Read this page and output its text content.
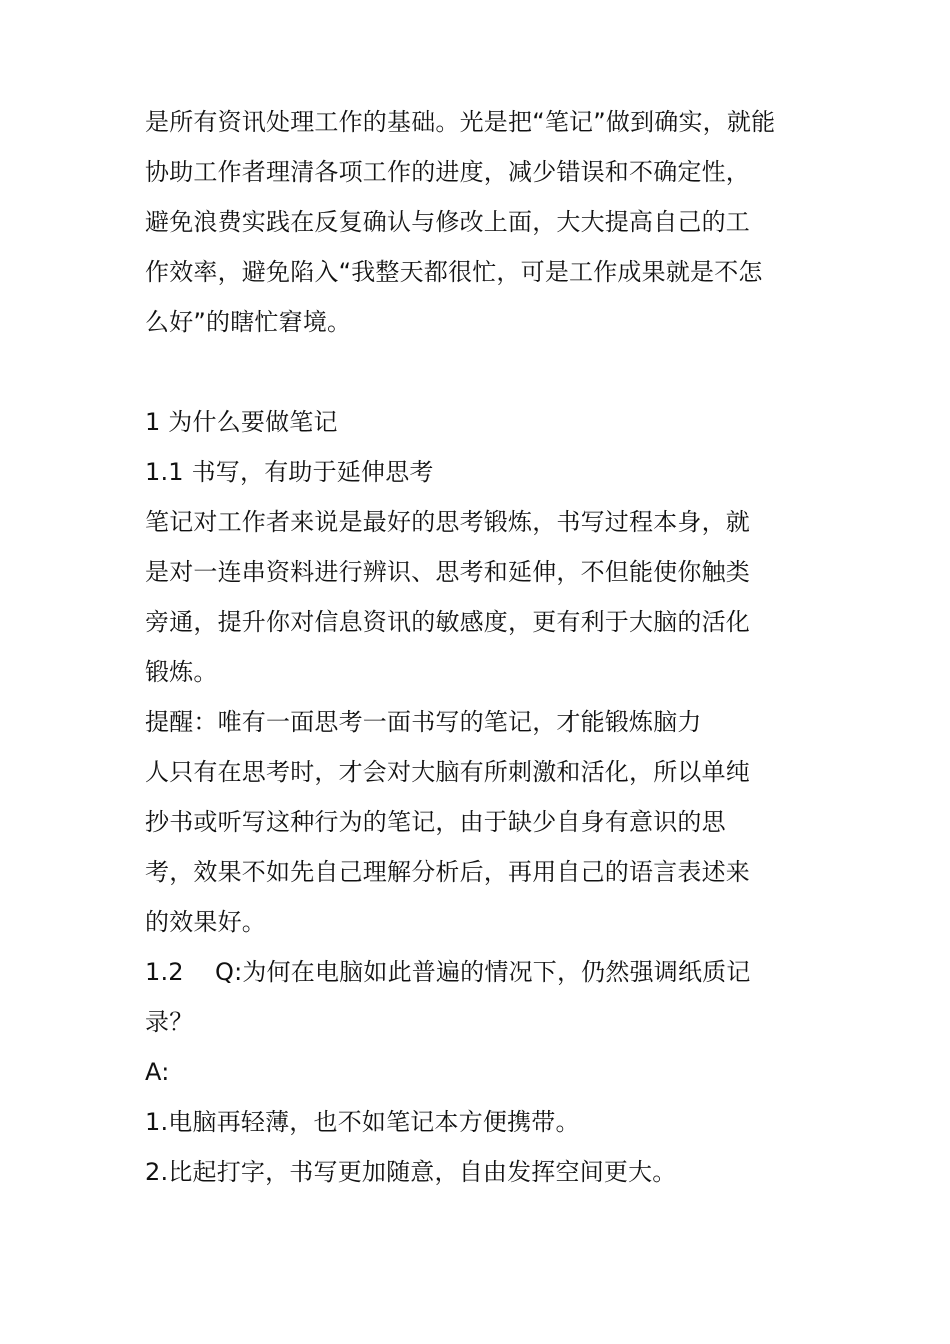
是所有资讯处理工作的基础。光是把“笔记”做到确实，就能
协助工作者理清各项工作的进度，减少错误和不确定性，
避免浪费实践在反复确认与修改上面，大大提高自己的工
作效率，避免陷入“我整天都很忙，可是工作成果就是不怎
么好”的瞎忙窘境。
1 为什么要做笔记
1.1 书写，有助于延伸思考
笔记对工作者来说是最好的思考锻炼，书写过程本身，就
是对一连串资料进行辨识、思考和延伸，不但能使你触类
旁通，提升你对信息资讯的敏感度，更有利于大脑的活化
锻炼。
提醒：唯有一面思考一面书写的笔记，才能锻炼脑力
人只有在思考时，才会对大脑有所刺激和活化，所以单纯
抄书或听写这种行为的笔记，由于缺少自身有意识的思
考，效果不如先自己理解分析后，再用自己的语言表述来
的效果好。
1.2 Q:为何在电脑如此普遍的情况下，仍然强调纸质记
录？
A:
1.电脑再轻薄，也不如笔记本方便携带。
2.比起打字，书写更加随意，自由发挥空间更大。
